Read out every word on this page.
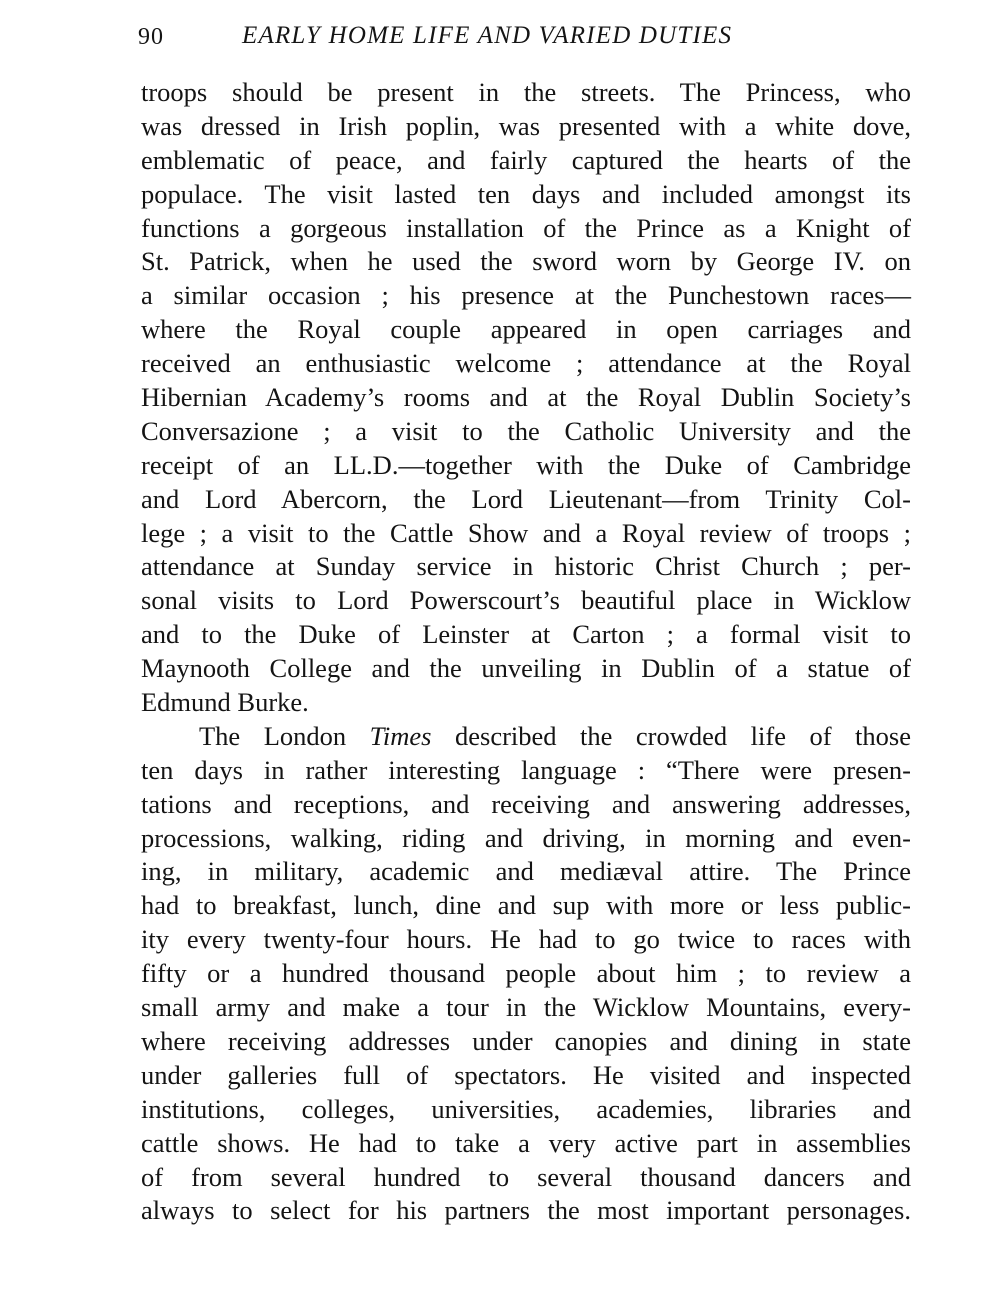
90	EARLY HOME LIFE AND VARIED DUTIES
troops should be present in the streets. The Princess, who
was dressed in Irish poplin, was presented with a white dove,
emblematic of peace, and fairly captured the hearts of the
populace. The visit lasted ten days and included amongst its
functions a gorgeous installation of the Prince as a Knight of
St. Patrick, when he used the sword worn by George IV. on
a similar occasion ; his presence at the Punchestown races—
where the Royal couple appeared in open carriages and
received an enthusiastic welcome ; attendance at the Royal
Hibernian Academy’s rooms and at the Royal Dublin Society’s
Conversazione ; a visit to the Catholic University and the
receipt of an LL.D.—together with the Duke of Cambridge
and Lord Abercorn, the Lord Lieutenant—from Trinity Col-
lege ; a visit to the Cattle Show and a Royal review of troops ;
attendance at Sunday service in historic Christ Church ; per-
sonal visits to Lord Powerscourt’s beautiful place in Wicklow
and to the Duke of Leinster at Carton ; a formal visit to
Maynooth College and the unveiling in Dublin of a statue of
Edmund Burke.
The London Times described the crowded life of those
ten days in rather interesting language : “There were presen-
tations and receptions, and receiving and answering addresses,
processions, walking, riding and driving, in morning and even-
ing, in military, academic and mediæval attire. The Prince
had to breakfast, lunch, dine and sup with more or less public-
ity every twenty-four hours. He had to go twice to races with
fifty or a hundred thousand people about him ; to review a
small army and make a tour in the Wicklow Mountains, every-
where receiving addresses under canopies and dining in state
under galleries full of spectators. He visited and inspected
institutions, colleges, universities, academies, libraries and
cattle shows. He had to take a very active part in assemblies
of from several hundred to several thousand dancers and
always to select for his partners the most important personages.
